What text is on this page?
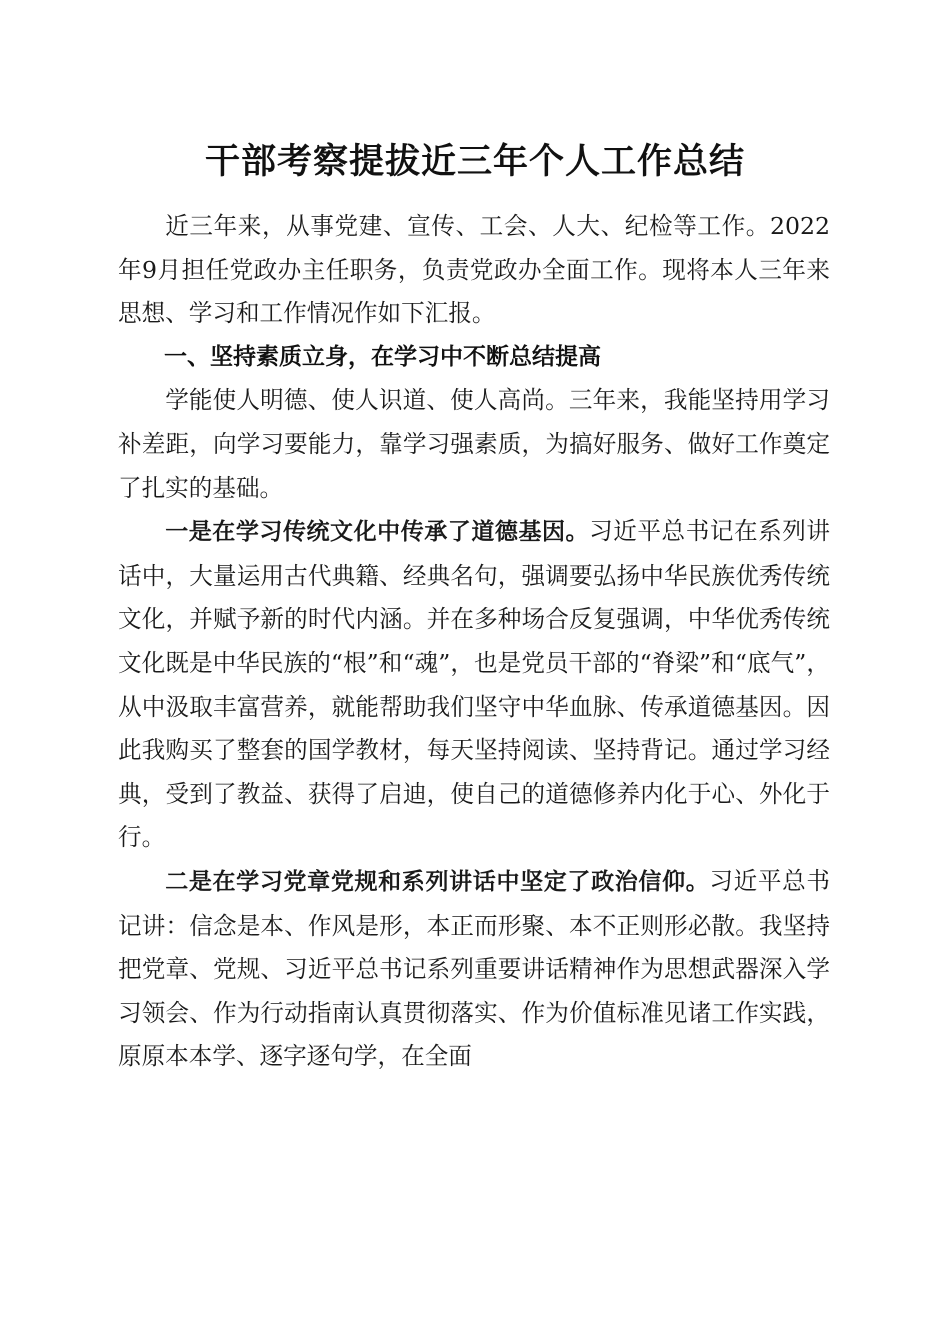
干部考察提拔近三年个人工作总结

近三年来，从事党建、宣传、工会、人大、纪检等工作。2022年9月担任党政办主任职务，负责党政办全面工作。现将本人三年来思想、学习和工作情况作如下汇报。

一、坚持素质立身，在学习中不断总结提高

学能使人明德、使人识道、使人高尚。三年来，我能坚持用学习补差距，向学习要能力，靠学习强素质，为搞好服务、做好工作奠定了扎实的基础。

一是在学习传统文化中传承了道德基因。习近平总书记在系列讲话中，大量运用古代典籍、经典名句，强调要弘扬中华民族优秀传统文化，并赋予新的时代内涵。并在多种场合反复强调，中华优秀传统文化既是中华民族的“根”和“魂”，也是党员干部的“脊梁”和“底气”，从中汲取丰富营养，就能帮助我们坚守中华血脉、传承道德基因。因此我购买了整套的国学教材，每天坚持阅读、坚持背记。通过学习经典，受到了教益、获得了启迪，使自己的道德修养内化于心、外化于行。

二是在学习党章党规和系列讲话中坚定了政治信仰。习近平总书记讲：信念是本、作风是形，本正而形聚、本不正则形必散。我坚持把党章、党规、习近平总书记系列重要讲话精神作为思想武器深入学习领会、作为行动指南认真贯彻落实、作为价值标准见诸工作实践，原原本本学、逐字逐句学，在全面
